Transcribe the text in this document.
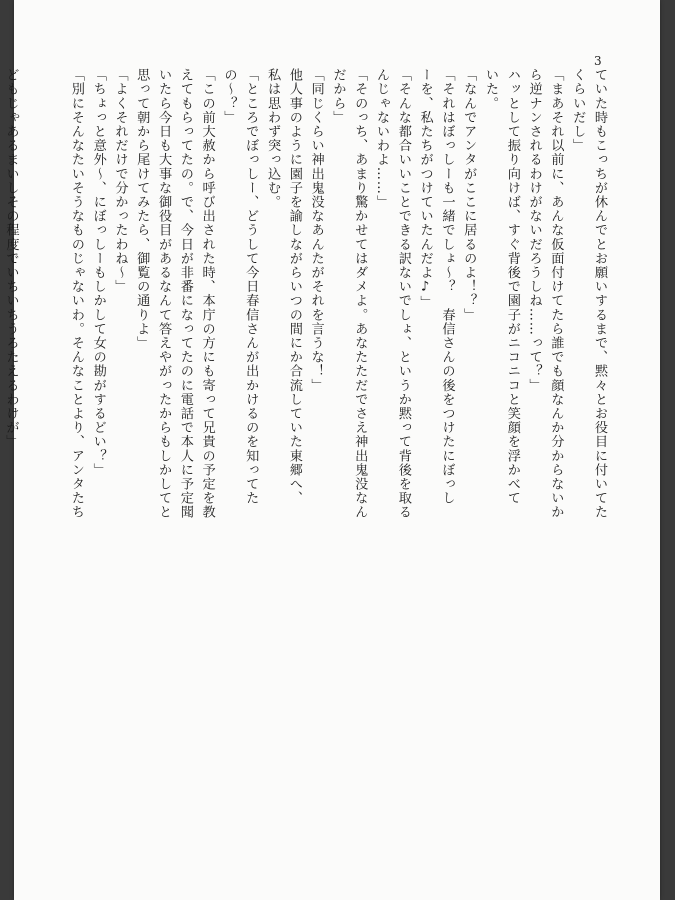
3
ていた時もこっちが休んでとお願いするまで、黙々とお役目に付いてた
くらいだし」
「まあそれ以前に、あんな仮面付けてたら誰でも顔なんか分からないか
ら逆ナンされるわけがないだろうしね……って？」
ハッとして振り向けば、すぐ背後で園子がニコニコと笑顔を浮かべて
いた。
「なんでアンタがここに居るのよ！？」
「それはぼっしーも一緒でしょ～？　春信さんの後をつけたにぼっし
ーを、私たちがつけていたんだよ♪」
「そんな都合いいことできる訳ないでしょ、というか黙って背後を取る
んじゃないわよ……」
「そのっち、あまり驚かせてはダメよ。あなたただでさえ神出鬼没なん
だから」
「同じくらい神出鬼没なあんたがそれを言うな！」
他人事のように園子を諭しながらいつの間にか合流していた東郷へ、
私は思わず突っ込む。
「ところでぼっしー、どうして今日春信さんが出かけるのを知ってた
の～？」
「この前大赦から呼び出された時、本庁の方にも寄って兄貴の予定を教
えてもらってたの。で、今日が非番になってたのに電話で本人に予定聞
いたら今日も大事な御役目があるなんて答えやがったからもしかしてと
思って朝から尾けてみたら、御覧の通りよ」
「よくそれだけで分かったわね～」
「ちょっと意外～、にぼっしーもしかして女の勘がするどい？」
「別にそんなたいそうなものじゃないわ。そんなことより、アンタたち

どもじゃあるまいしその程度でいちいちうろたえるわけが」
